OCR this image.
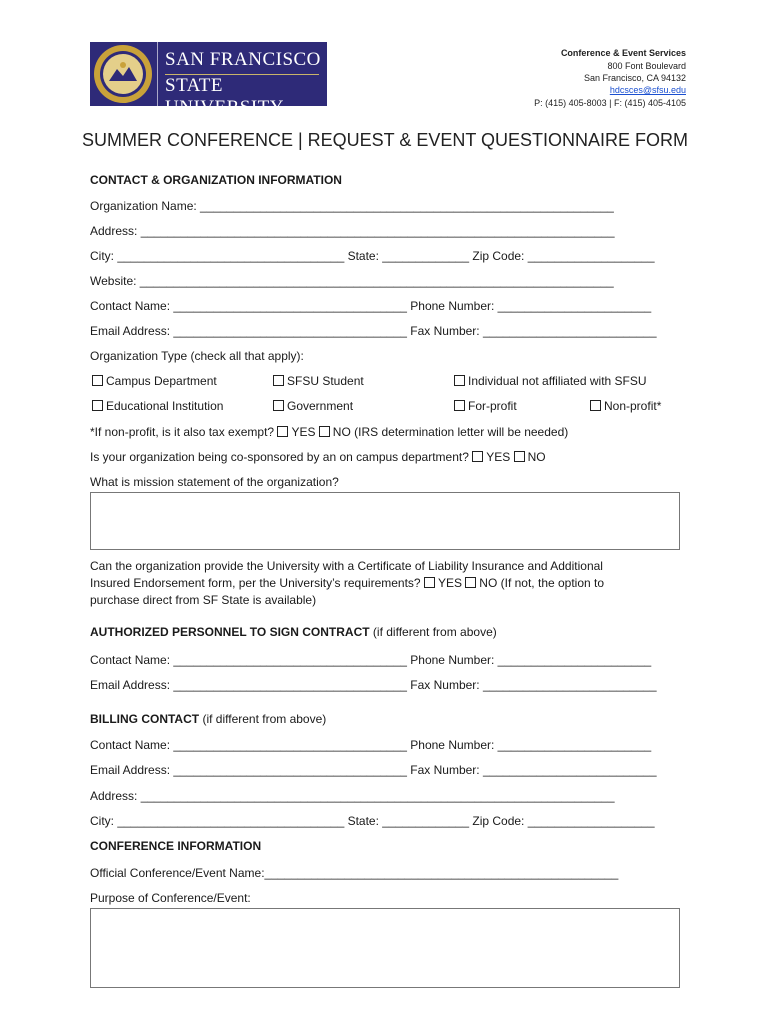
SAN FRANCISCO
STATE UNIVERSITY
Conference & Event Services
800 Font Boulevard
San Francisco, CA 94132
hdcsces@sfsu.edu
P: (415) 405-8003 | F: (415) 405-4105
SUMMER CONFERENCE | REQUEST & EVENT QUESTIONNAIRE FORM
CONTACT & ORGANIZATION INFORMATION
Organization Name: ______________________________________________________________
Address: _______________________________________________________________________
City: __________________________________ State: _____________ Zip Code: ___________________
Website: _______________________________________________________________________
Contact Name: ___________________________________ Phone Number: _______________________
Email Address: ___________________________________ Fax Number: __________________________
Organization Type (check all that apply):
Campus Department	SFSU Student	Individual not affiliated with SFSU
Educational Institution	Government	For-profit	Non-profit*
*If non-profit, is it also tax exempt? YES NO (IRS determination letter will be needed)
Is your organization being co-sponsored by an on campus department? YES NO
What is mission statement of the organization?
Can the organization provide the University with a Certificate of Liability Insurance and Additional
Insured Endorsement form, per the University’s requirements? YES NO (If not, the option to
purchase direct from SF State is available)
AUTHORIZED PERSONNEL TO SIGN CONTRACT (if different from above)
Contact Name: ___________________________________ Phone Number: _______________________
Email Address: ___________________________________ Fax Number: __________________________
BILLING CONTACT (if different from above)
Contact Name: ___________________________________ Phone Number: _______________________
Email Address: ___________________________________ Fax Number: __________________________
Address: _______________________________________________________________________
City: __________________________________ State: _____________ Zip Code: ___________________
CONFERENCE INFORMATION
Official Conference/Event Name:_____________________________________________________
Purpose of Conference/Event:
